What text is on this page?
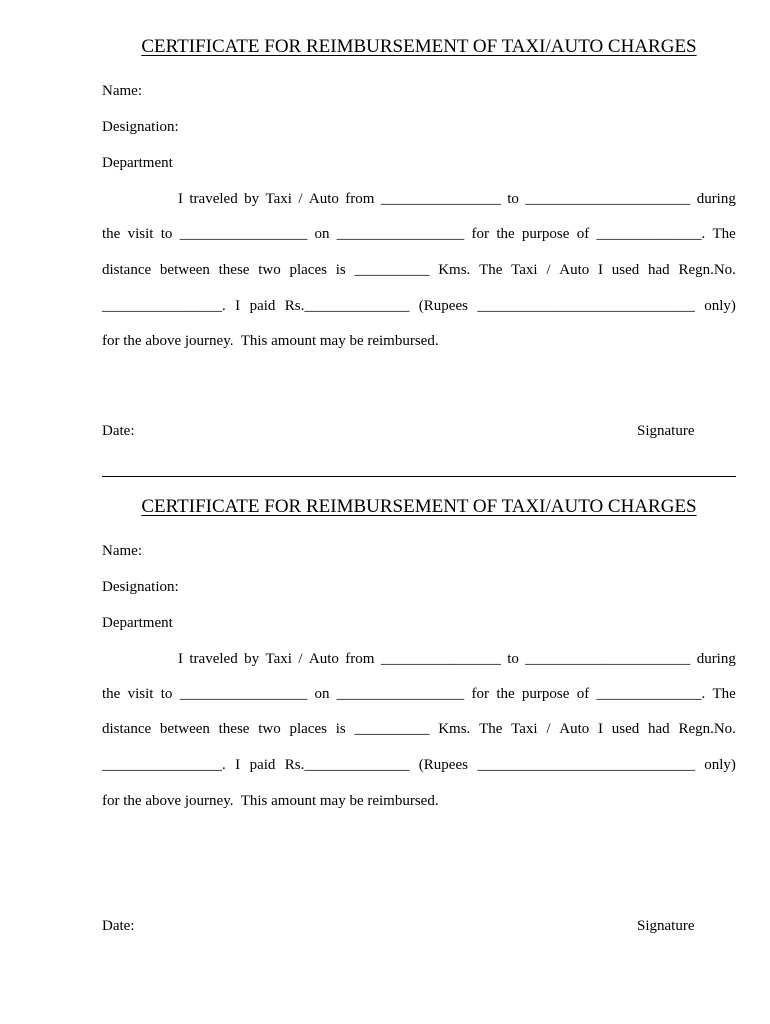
CERTIFICATE FOR REIMBURSEMENT OF TAXI/AUTO CHARGES
Name:
Designation:
Department
I traveled by Taxi / Auto from ________________ to ______________________ during
the visit to _________________ on _________________ for the purpose of ______________. The
distance between these two places is __________ Kms. The Taxi / Auto I used had Regn.No.
________________. I paid Rs.______________ (Rupees _____________________________ only)
for the above journey.  This amount may be reimbursed.
Date:	Signature
CERTIFICATE FOR REIMBURSEMENT OF TAXI/AUTO CHARGES
Name:
Designation:
Department
I traveled by Taxi / Auto from ________________ to ______________________ during
the visit to _________________ on _________________ for the purpose of ______________. The
distance between these two places is __________ Kms. The Taxi / Auto I used had Regn.No.
________________. I paid Rs.______________ (Rupees _____________________________ only)
for the above journey.  This amount may be reimbursed.
Date:	Signature
